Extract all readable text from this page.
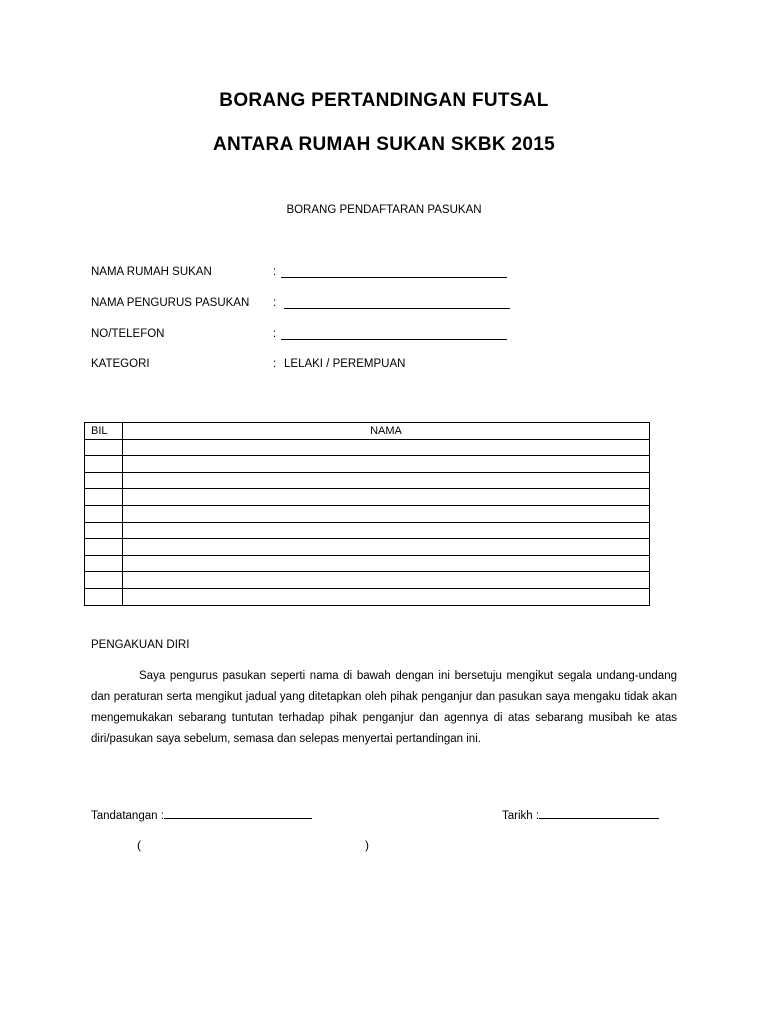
BORANG PERTANDINGAN FUTSAL
ANTARA RUMAH SUKAN SKBK 2015
BORANG PENDAFTARAN PASUKAN
NAMA RUMAH SUKAN	:
NAMA PENGURUS PASUKAN :
NO/TELEFON	:
KATEGORI	: LELAKI / PEREMPUAN
BIL	NAMA

PENGAKUAN DIRI
Saya pengurus pasukan seperti nama di bawah dengan ini bersetuju mengikut segala undang-undang dan peraturan serta mengikut jadual yang ditetapkan oleh pihak penganjur dan pasukan saya mengaku tidak akan mengemukakan sebarang tuntutan terhadap pihak penganjur dan agennya di atas sebarang musibah ke atas diri/pasukan saya sebelum, semasa dan selepas menyertai pertandingan ini.
Tandatangan :	Tarikh :
(	)
